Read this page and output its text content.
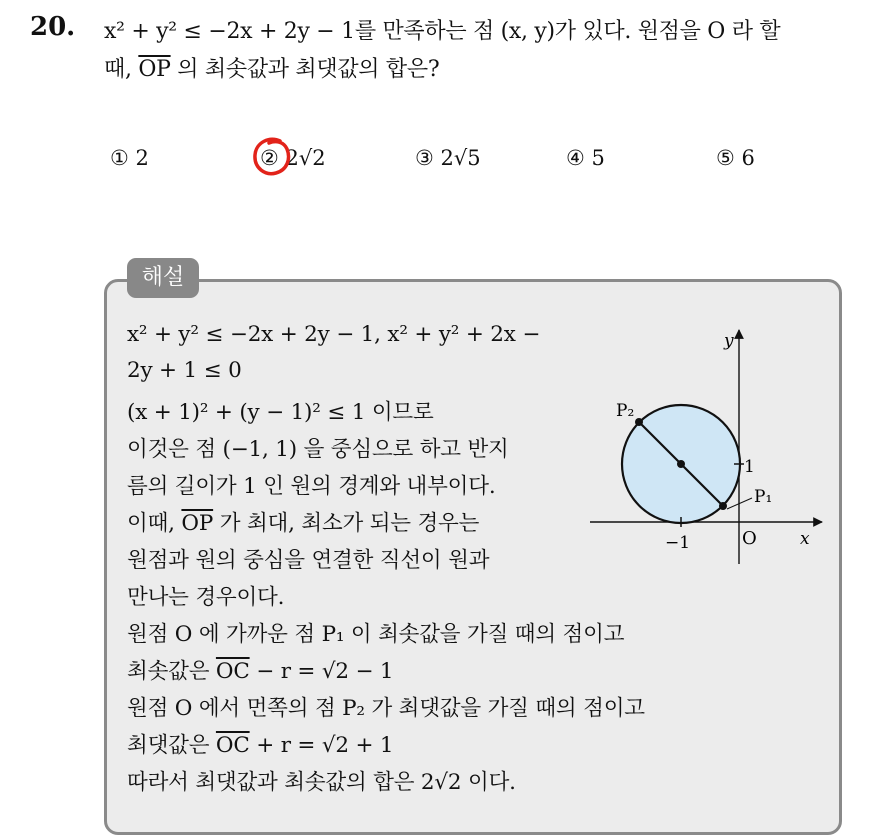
20. x² + y² ≤ −2x + 2y − 1를 만족하는 점 (x, y)가 있다. 원점을 O 라 할
때, $\overline{OP}$ 의 최솟값과 최댓값의 합은?
① 2	② 2√2	③ 2√5	④ 5	⑤ 6
해설
x² + y² ≤ −2x + 2y − 1, x² + y² + 2x −
2y + 1 ≤ 0
(x + 1)² + (y − 1)² ≤ 1 이므로
이것은 점 (−1, 1) 을 중심으로 하고 반지
름의 길이가 1 인 원의 경계와 내부이다.
이때, $\overline{OP}$ 가 최대, 최소가 되는 경우는
원점과 원의 중심을 연결한 직선이 원과
만나는 경우이다.
원점 O 에 가까운 점 P₁ 이 최솟값을 가질 때의 점이고
최솟값은 $\overline{OC} - r = √2 - 1$
원점 O 에서 먼쪽의 점 P₂ 가 최댓값을 가질 때의 점이고
최댓값은 $\overline{OC} + r = √2 + 1$
따라서 최댓값과 최솟값의 합은 2√2 이다.
y
x
O
−1
1
P₁
P₂
